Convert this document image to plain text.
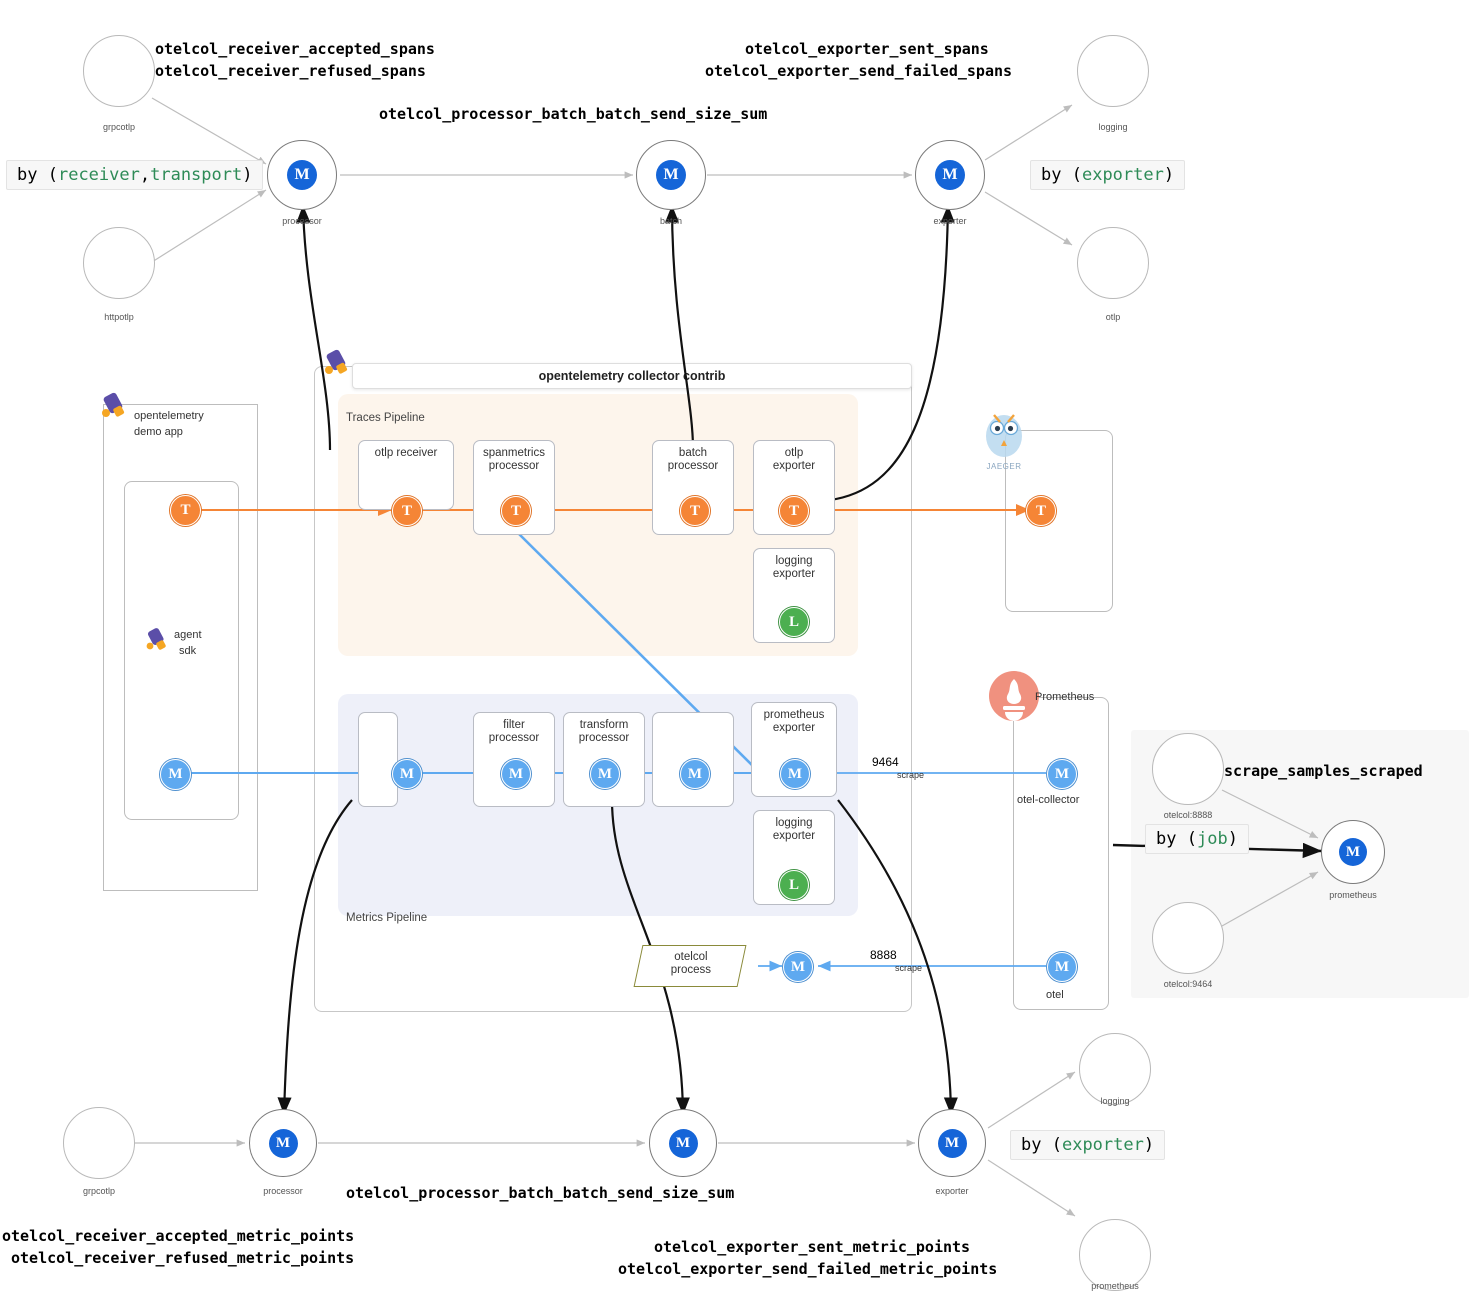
opentelemetry collector contrib
Traces Pipeline
Metrics Pipeline
otelcol_receiver_accepted_spans
otelcol_receiver_refused_spans
otelcol_exporter_sent_spans
otelcol_exporter_send_failed_spans
otelcol_processor_batch_batch_send_size_sum
by (receiver,transport)	by (exporter)
grpcotlp
httpotlp
M
processor
M
batch
M
exporter
logging
otlp
opentelemetry
demo app
agent
sdk
T
M
otlp receiver
T
spanmetrics
processor
T
batch
processor
T
otlp
exporter
T
logging
exporter
L
T
JAEGER
M
filter
processor
M
transform
processor
M	M
prometheus
exporter
M
logging
exporter
L
otelcol
process	M
Prometheus
M
otel-collector
M
otel
9464
scrape
8888
scrape
otelcol:8888
otelcol:9464
M
prometheus
scrape_samples_scraped
by (job)
grpcotlp
M
processor
M	M
exporter
logging
prometheus
by (exporter)
otelcol_processor_batch_batch_send_size_sum
otelcol_receiver_accepted_metric_points
otelcol_receiver_refused_metric_points
otelcol_exporter_sent_metric_points
otelcol_exporter_send_failed_metric_points
